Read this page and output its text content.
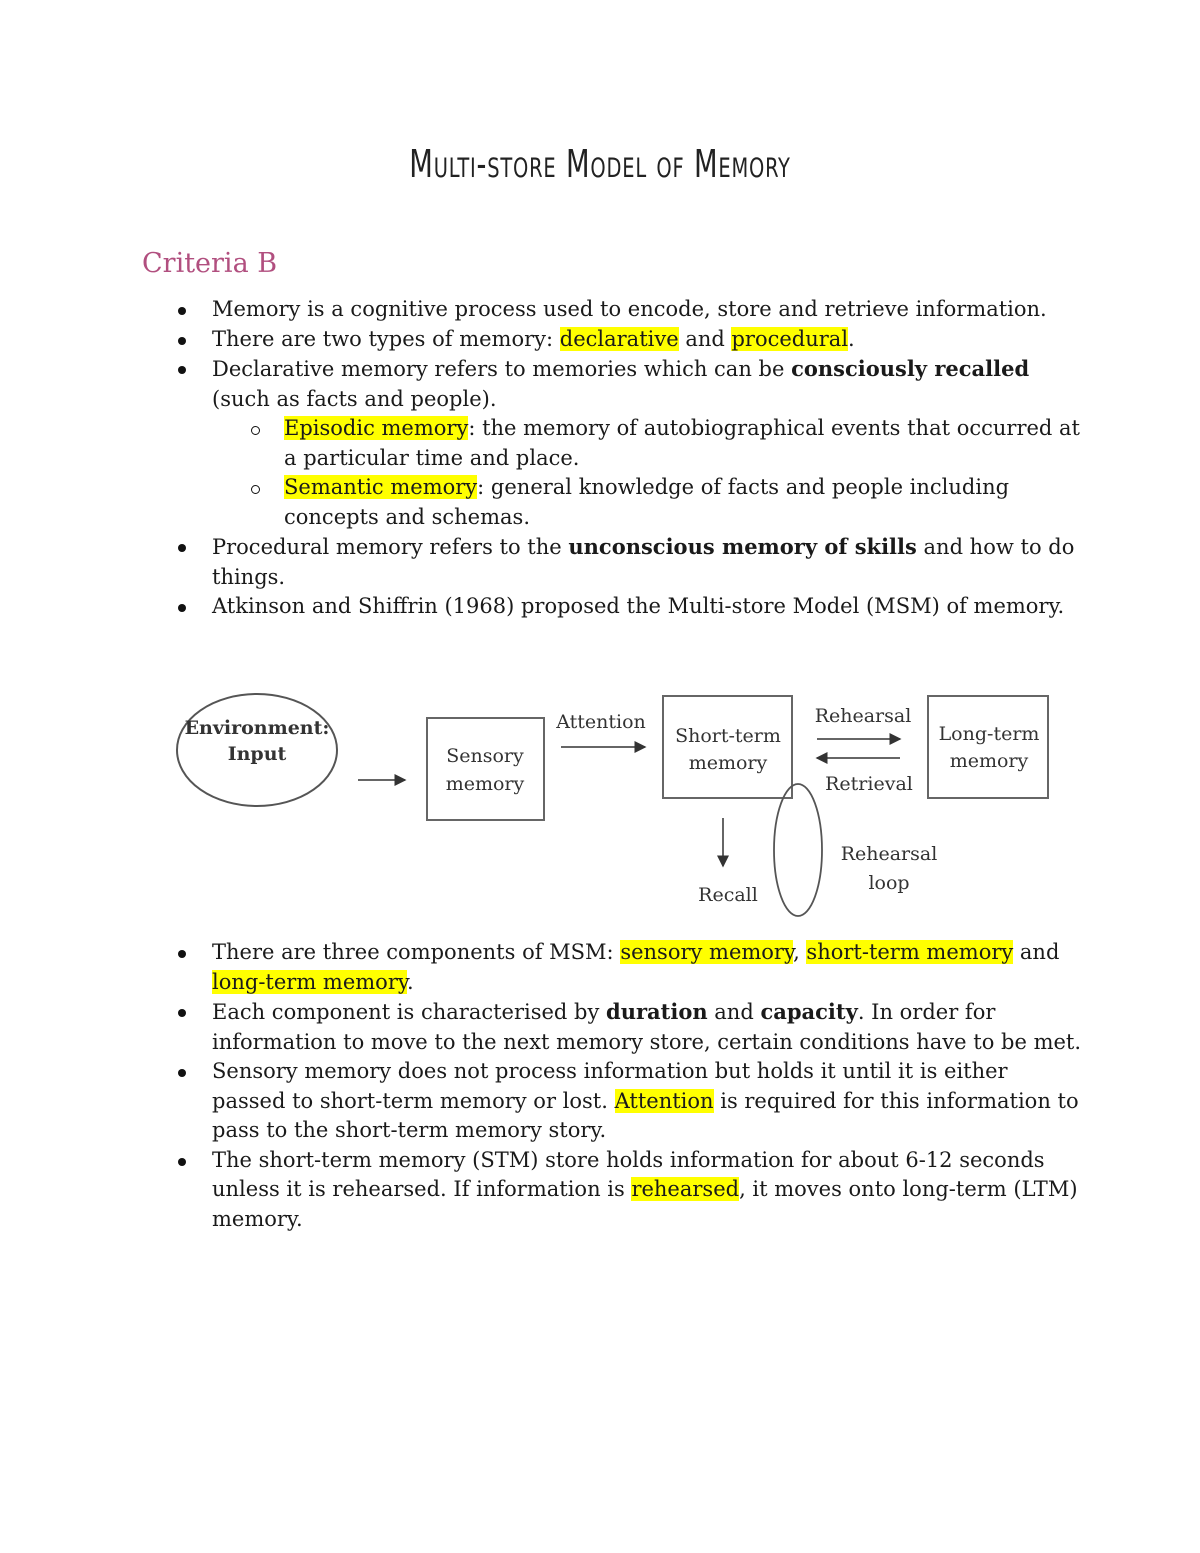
Multi-store Model of Memory
Criteria B
Memory is a cognitive process used to encode, store and retrieve information.
There are two types of memory: declarative and procedural.
Declarative memory refers to memories which can be consciously recalled (such as facts and people).
Episodic memory: the memory of autobiographical events that occurred at a particular time and place.
Semantic memory: general knowledge of facts and people including concepts and schemas.
Procedural memory refers to the unconscious memory of skills and how to do things.
Atkinson and Shiffrin (1968) proposed the Multi-store Model (MSM) of memory.
Environment:
Input	Sensory
memory
Attention
Short-term
memory
Rehearsal
Retrieval
Long-term
memory
Recall
Rehearsal
loop
There are three components of MSM: sensory memory, short-term memory and long-term memory.
Each component is characterised by duration and capacity. In order for information to move to the next memory store, certain conditions have to be met.
Sensory memory does not process information but holds it until it is either passed to short-term memory or lost. Attention is required for this information to pass to the short-term memory story.
The short-term memory (STM) store holds information for about 6-12 seconds unless it is rehearsed. If information is rehearsed, it moves onto long-term (LTM) memory.
